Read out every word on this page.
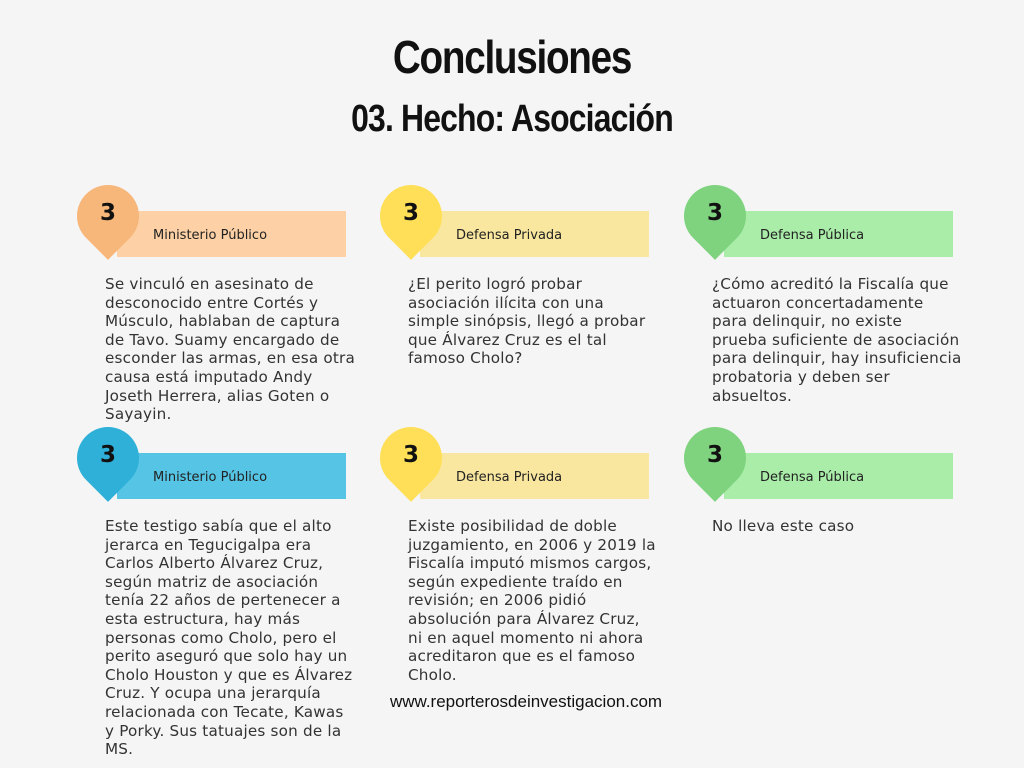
Conclusiones
03. Hecho: Asociación
3
Ministerio Público
Se vinculó en asesinato de desconocido entre Cortés y Músculo, hablaban de captura de Tavo. Suamy encargado de esconder las armas, en esa otra causa está imputado Andy Joseth Herrera, alias Goten o Sayayin.
3
Defensa Privada
¿El perito logró probar asociación ilícita con una simple sinópsis, llegó a probar que Álvarez Cruz es el tal famoso Cholo?
3
Defensa Pública
¿Cómo acreditó la Fiscalía que actuaron concertadamente para delinquir, no existe prueba suficiente de asociación para delinquir, hay insuficiencia probatoria y deben ser absueltos.
3
Ministerio Público
Este testigo sabía que el alto jerarca en Tegucigalpa era Carlos Alberto Álvarez Cruz, según matriz de asociación tenía 22 años de pertenecer a esta estructura, hay más personas como Cholo, pero el perito aseguró que solo hay un Cholo Houston y que es Álvarez Cruz. Y ocupa una jerarquía relacionada con Tecate, Kawas y Porky. Sus tatuajes son de la MS.
3
Defensa Privada
Existe posibilidad de doble juzgamiento, en 2006 y 2019 la Fiscalía imputó mismos cargos, según expediente traído en revisión; en 2006 pidió absolución para Álvarez Cruz, ni en aquel momento ni ahora acreditaron que es el famoso Cholo.
3
Defensa Pública
No lleva este caso
www.reporterosdeinvestigacion.com
